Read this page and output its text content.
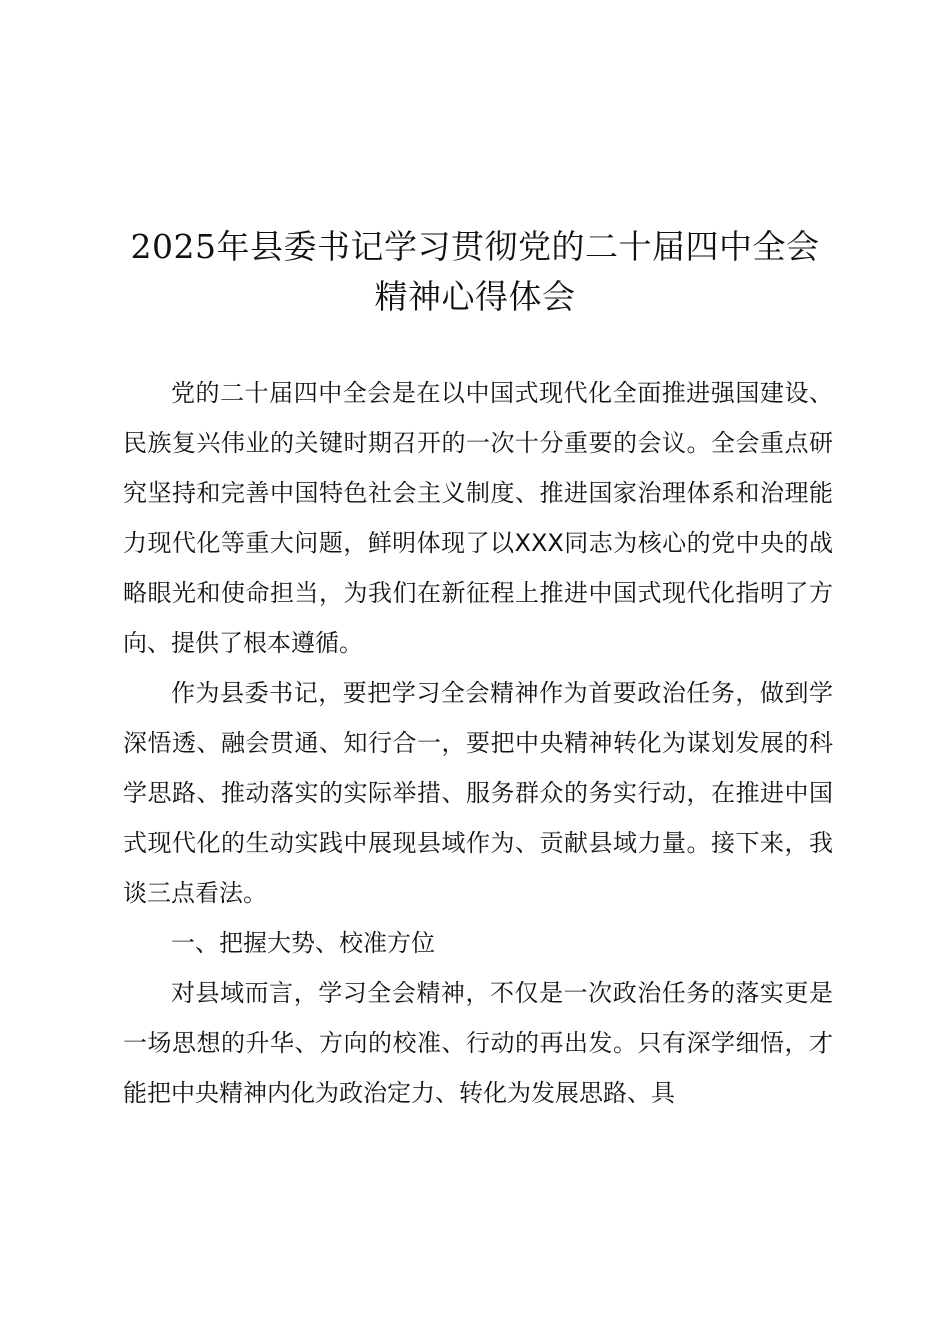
2025年县委书记学习贯彻党的二十届四中全会
精神心得体会

党的二十届四中全会是在以中国式现代化全面推进强国建设、民族复兴伟业的关键时期召开的一次十分重要的会议。全会重点研究坚持和完善中国特色社会主义制度、推进国家治理体系和治理能力现代化等重大问题，鲜明体现了以XXX同志为核心的党中央的战略眼光和使命担当，为我们在新征程上推进中国式现代化指明了方向、提供了根本遵循。

作为县委书记，要把学习全会精神作为首要政治任务，做到学深悟透、融会贯通、知行合一，要把中央精神转化为谋划发展的科学思路、推动落实的实际举措、服务群众的务实行动，在推进中国式现代化的生动实践中展现县域作为、贡献县域力量。接下来，我谈三点看法。

一、把握大势、校准方位

对县域而言，学习全会精神，不仅是一次政治任务的落实更是一场思想的升华、方向的校准、行动的再出发。只有深学细悟，才能把中央精神内化为政治定力、转化为发展思路、具
